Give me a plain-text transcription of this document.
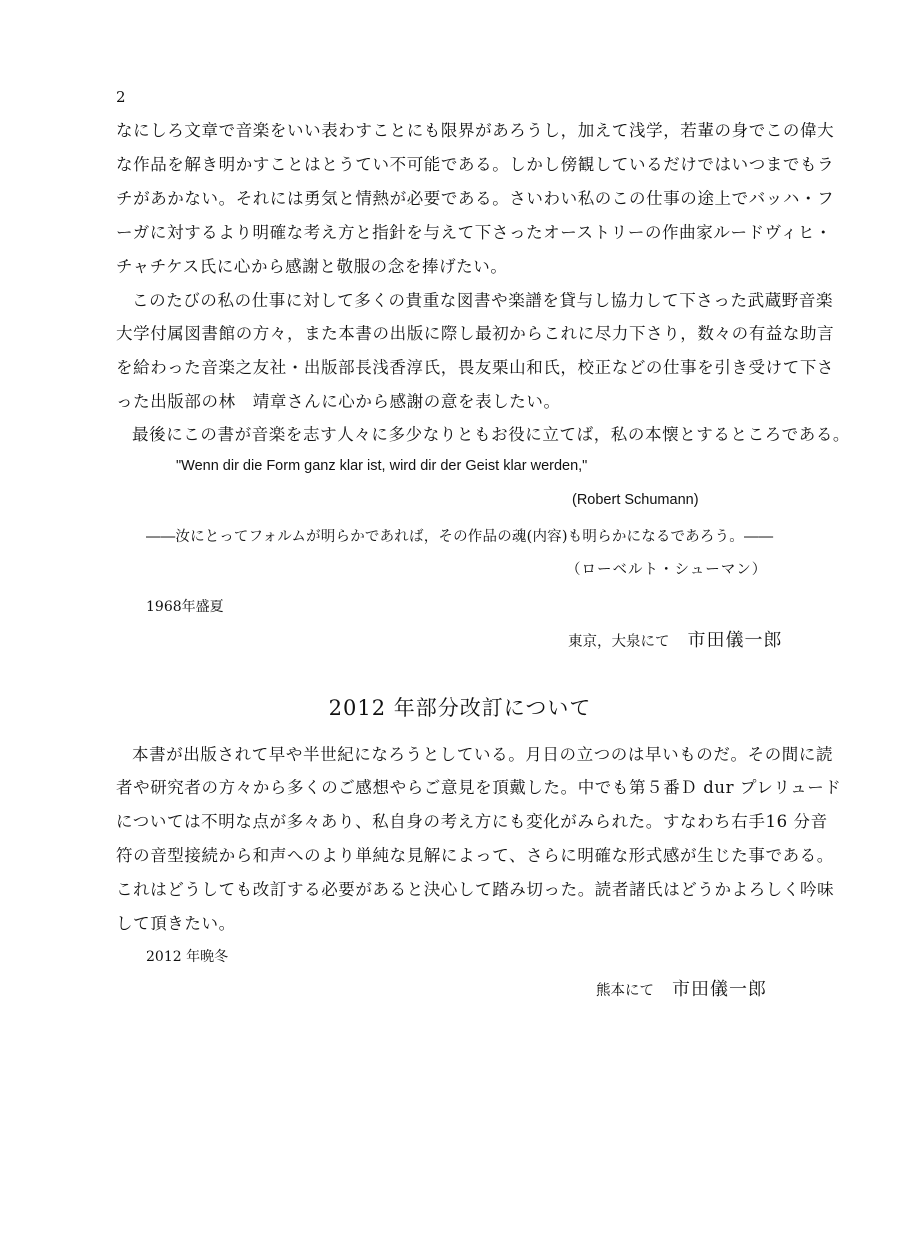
2
なにしろ文章で音楽をいい表わすことにも限界があろうし，加えて浅学，若輩の身でこの偉大
な作品を解き明かすことはとうてい不可能である。しかし傍観しているだけではいつまでもラ
チがあかない。それには勇気と情熱が必要である。さいわい私のこの仕事の途上でバッハ・フ
ーガに対するより明確な考え方と指針を与えて下さったオーストリーの作曲家ルードヴィヒ・
チャチケス氏に心から感謝と敬服の念を捧げたい。
このたびの私の仕事に対して多くの貴重な図書や楽譜を貸与し協力して下さった武蔵野音楽
大学付属図書館の方々，また本書の出版に際し最初からこれに尽力下さり，数々の有益な助言
を給わった音楽之友社・出版部長浅香淳氏，畏友栗山和氏，校正などの仕事を引き受けて下さ
った出版部の林　靖章さんに心から感謝の意を表したい。
最後にこの書が音楽を志す人々に多少なりともお役に立てば，私の本懐とするところである。
"Wenn dir die Form ganz klar ist, wird dir der Geist klar werden,"
(Robert Schumann)
――汝にとってフォルムが明らかであれば，その作品の魂(内容)も明らかになるであろう。――
（ローベルト・シューマン）
1968年盛夏
東京，大泉にて 市田儀一郎
2012 年部分改訂について
本書が出版されて早や半世紀になろうとしている。月日の立つのは早いものだ。その間に読
者や研究者の方々から多くのご感想やらご意見を頂戴した。中でも第５番Ｄ dur プレリュード
については不明な点が多々あり、私自身の考え方にも変化がみられた。すなわち右手16 分音
符の音型接続から和声へのより単純な見解によって、さらに明確な形式感が生じた事である。
これはどうしても改訂する必要があると決心して踏み切った。読者諸氏はどうかよろしく吟味
して頂きたい。
2012 年晩冬
熊本にて 市田儀一郎
